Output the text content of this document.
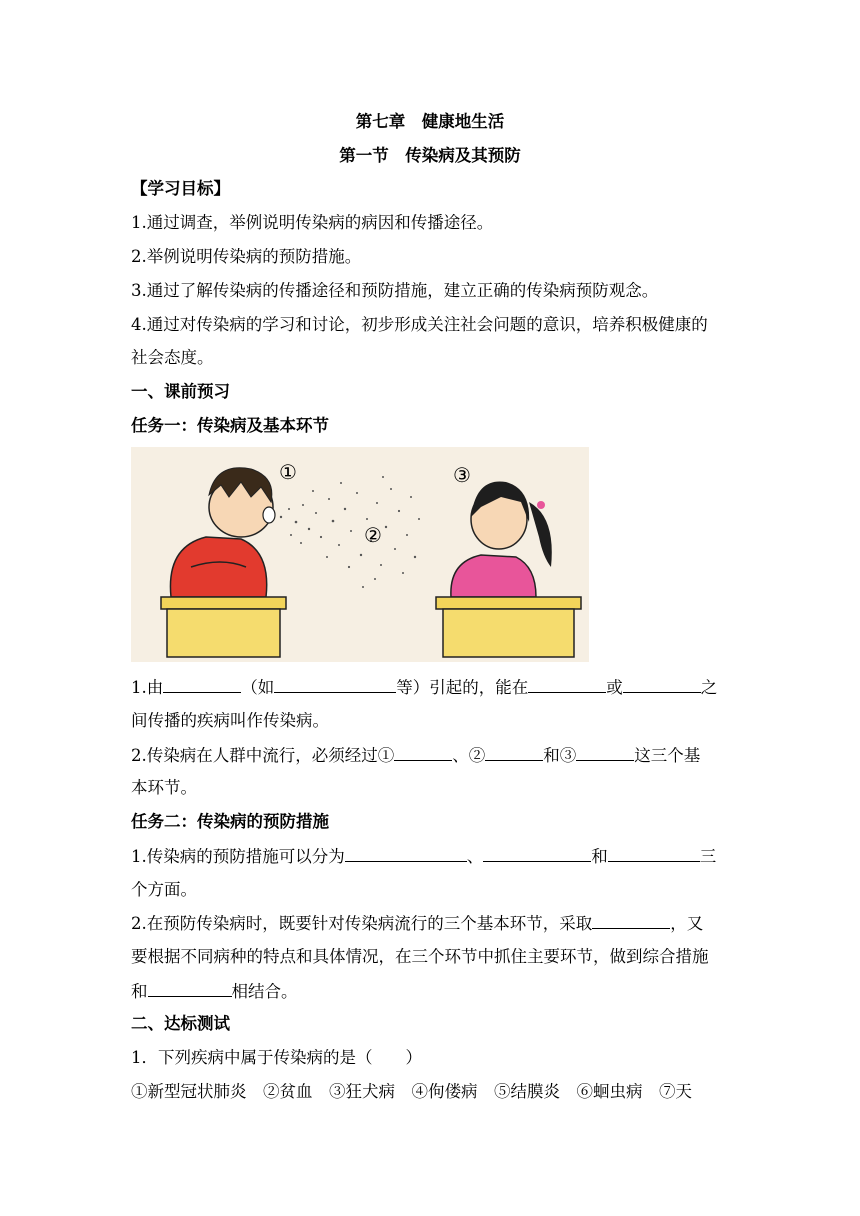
第七章　健康地生活
第一节　传染病及其预防
【学习目标】
1.通过调查，举例说明传染病的病因和传播途径。
2.举例说明传染病的预防措施。
3.通过了解传染病的传播途径和预防措施，建立正确的传染病预防观念。
4.通过对传染病的学习和讨论，初步形成关注社会问题的意识，培养积极健康的
社会态度。
一、课前预习
任务一：传染病及基本环节
①
②
③
1.由	（如	等）引起的，能在	或	之
间传播的疾病叫作传染病。
2.传染病在人群中流行，必须经过①	、②	和③	这三个基
本环节。
任务二：传染病的预防措施
1.传染病的预防措施可以分为	、	和	三
个方面。
2.在预防传染病时，既要针对传染病流行的三个基本环节，采取	，又
要根据不同病种的特点和具体情况，在三个环节中抓住主要环节，做到综合措施
和	相结合。
二、达标测试
1．下列疾病中属于传染病的是（　　）
①新型冠状肺炎　②贫血　③狂犬病　④佝偻病　⑤结膜炎　⑥蛔虫病　⑦天
